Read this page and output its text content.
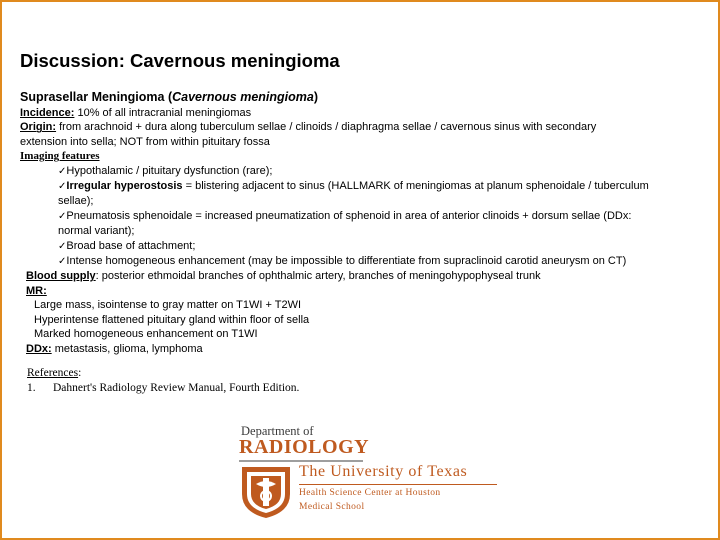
Discussion: Cavernous meningioma
Suprasellar Meningioma (Cavernous meningioma)
Incidence: 10% of all intracranial meningiomas
Origin: from arachnoid + dura along tuberculum sellae / clinoids / diaphragma sellae / cavernous sinus with secondary
extension into sella; NOT from within pituitary fossa
Imaging features
✓Hypothalamic / pituitary dysfunction (rare);
✓Irregular hyperostosis = blistering adjacent to sinus (HALLMARK of meningiomas at planum sphenoidale / tuberculum
sellae);
✓Pneumatosis sphenoidale = increased pneumatization of sphenoid in area of anterior clinoids + dorsum sellae (DDx:
normal variant);
✓Broad base of attachment;
✓Intense homogeneous enhancement (may be impossible to differentiate from supraclinoid carotid aneurysm on CT)
Blood supply: posterior ethmoidal branches of ophthalmic artery, branches of meningohypophyseal trunk
MR:
Large mass, isointense to gray matter on T1WI + T2WI
Hyperintense flattened pituitary gland within floor of sella
Marked homogeneous enhancement on T1WI
DDx: metastasis, glioma, lymphoma
References:
1. Dahnert's Radiology Review Manual, Fourth Edition.
Department of
RADIOLOGY
The University of Texas
Health Science Center at Houston
Medical School
